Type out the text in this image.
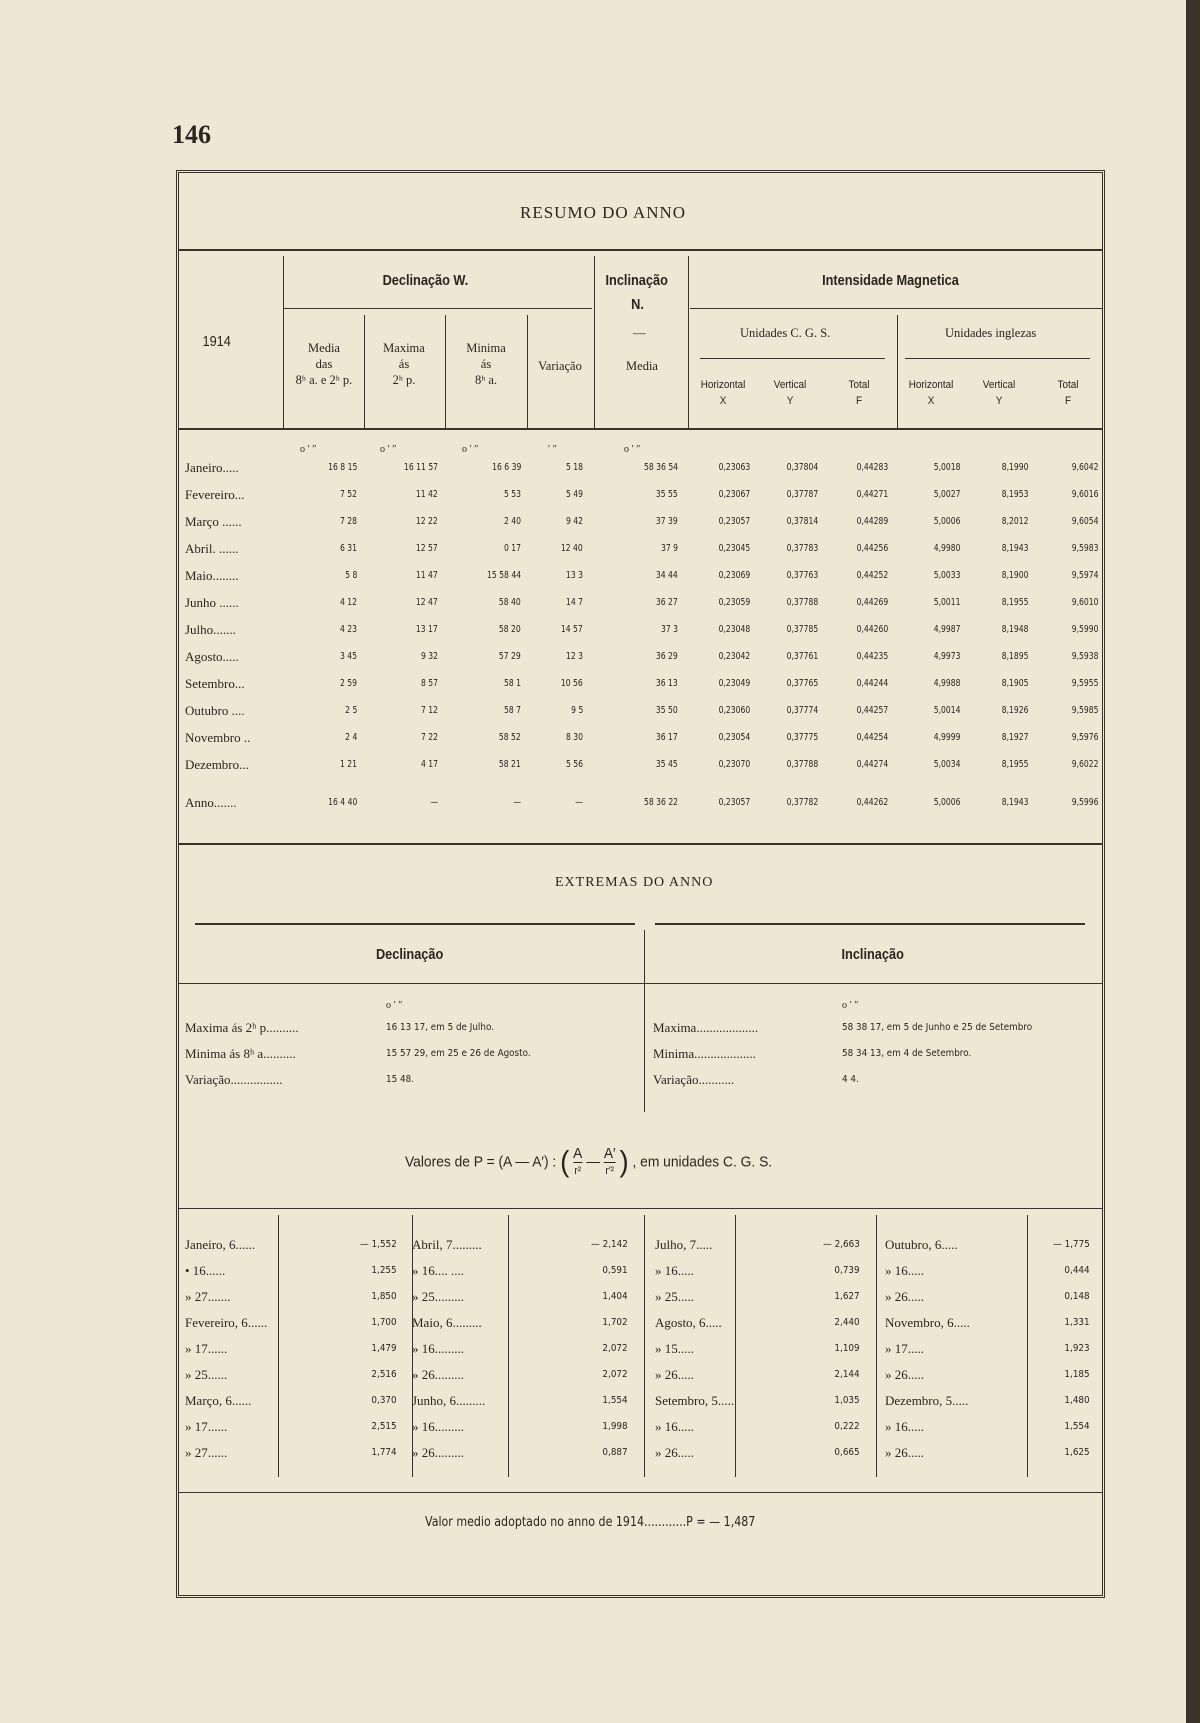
146
RESUMO DO ANNO
Declinação W.	Inclinação
N.
—
Intensidade Magnetica
1914	Unidades C. G. S.	Unidades inglezas
Media
das
8ʰ a. e 2ʰ p.
Maxima
ás
2ʰ p.
Minima
ás
8ʰ a.
Variação	Media
Horizontal
X
Vertical
Y
Total
F
Horizontal
X
Vertical
Y
Total
F
o ′ ″	o ′ ″	o ′ ″	′ ″	o ′ ″
Janeiro.....	16 8 15	16 11 57	16 6 39	5 18	58 36 54	0,23063	0,37804	0,44283	5,0018	8,1990	9,6042
Fevereiro...	7 52	11 42	5 53	5 49	35 55	0,23067	0,37787	0,44271	5,0027	8,1953	9,6016
Março ......	7 28	12 22	2 40	9 42	37 39	0,23057	0,37814	0,44289	5,0006	8,2012	9,6054
Abril. ......	6 31	12 57	0 17	12 40	37 9	0,23045	0,37783	0,44256	4,9980	8,1943	9,5983
Maio........	5 8	11 47	15 58 44	13 3	34 44	0,23069	0,37763	0,44252	5,0033	8,1900	9,5974
Junho ......	4 12	12 47	58 40	14 7	36 27	0,23059	0,37788	0,44269	5,0011	8,1955	9,6010
Julho.......	4 23	13 17	58 20	14 57	37 3	0,23048	0,37785	0,44260	4,9987	8,1948	9,5990
Agosto.....	3 45	9 32	57 29	12 3	36 29	0,23042	0,37761	0,44235	4,9973	8,1895	9,5938
Setembro...	2 59	8 57	58 1	10 56	36 13	0,23049	0,37765	0,44244	4,9988	8,1905	9,5955
Outubro ....	2 5	7 12	58 7	9 5	35 50	0,23060	0,37774	0,44257	5,0014	8,1926	9,5985
Novembro ..	2 4	7 22	58 52	8 30	36 17	0,23054	0,37775	0,44254	4,9999	8,1927	9,5976
Dezembro...	1 21	4 17	58 21	5 56	35 45	0,23070	0,37788	0,44274	5,0034	8,1955	9,6022
Anno.......	16 4 40	—	—	—	58 36 22	0,23057	0,37782	0,44262	5,0006	8,1943	9,5996
EXTREMAS DO ANNO
Declinação	Inclinação
o ′ ″	o ′ ″
Maxima ás 2ʰ p..........	16 13 17, em 5 de Julho.
Minima ás 8ʰ a..........	15 57 29, em 25 e 26 de Agosto.
Variação................	15 48.
Maxima...................	58 38 17, em 5 de Junho e 25 de Setembro
Minima...................	58 34 13, em 4 de Setembro.
Variação...........	4 4.
Valores de P = (A — A′) : ( A
r²
— A′
r′² ) , em unidades C. G. S.
Janeiro, 6......	— 1,552
• 16......	1,255
» 27.......	1,850
Fevereiro, 6......	1,700
» 17......	1,479
» 25......	2,516
Março, 6......	0,370
» 17......	2,515
» 27......	1,774
Abril, 7.........	— 2,142
» 16.... ....	0,591
» 25.........	1,404
Maio, 6.........	1,702
» 16.........	2,072
» 26.........	2,072
Junho, 6.........	1,554
» 16.........	1,998
» 26.........	0,887
Julho, 7.....	— 2,663
» 16.....	0,739
» 25.....	1,627
Agosto, 6.....	2,440
» 15.....	1,109
» 26.....	2,144
Setembro, 5.....	1,035
» 16.....	0,222
» 26.....	0,665
Outubro, 6.....	— 1,775
» 16.....	0,444
» 26.....	0,148
Novembro, 6.....	1,331
» 17.....	1,923
» 26.....	1,185
Dezembro, 5.....	1,480
» 16.....	1,554
» 26.....	1,625
Valor medio adoptado no anno de 1914............P = — 1,487
